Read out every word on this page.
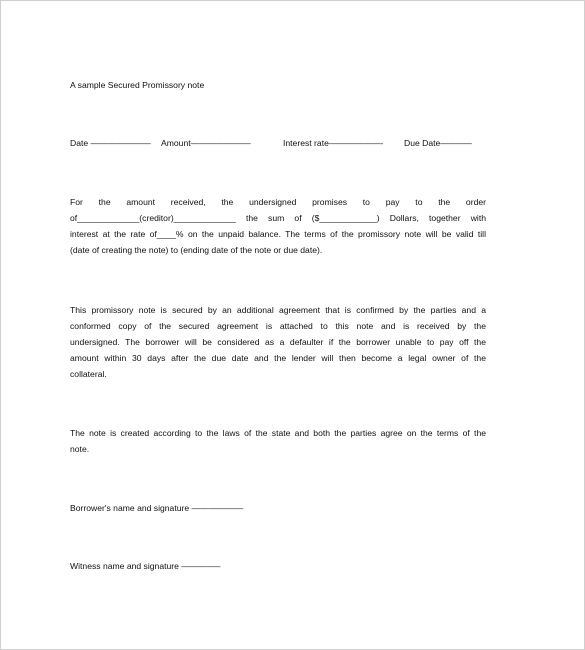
A sample Secured Promissory note
Date ——————— Amount———————	Interest rate——————- Due Date——–––
For the amount received, the undersigned promises to pay to the order
of_____________(creditor)_____________ the sum of ($____________) Dollars, together with
interest at the rate of____% on the unpaid balance. The terms of the promissory note will be valid till
(date of creating the note) to (ending date of the note or due date).
This promissory note is secured by an additional agreement that is confirmed by the parties and a
conformed copy of the secured agreement is attached to this note and is received by the
undersigned. The borrower will be considered as a defaulter if the borrower unable to pay off the
amount within 30 days after the due date and the lender will then become a legal owner of the
collateral.
The note is created according to the laws of the state and both the parties agree on the terms of the
note.
Borrower's name and signature ——————
Witness name and signature ————–
